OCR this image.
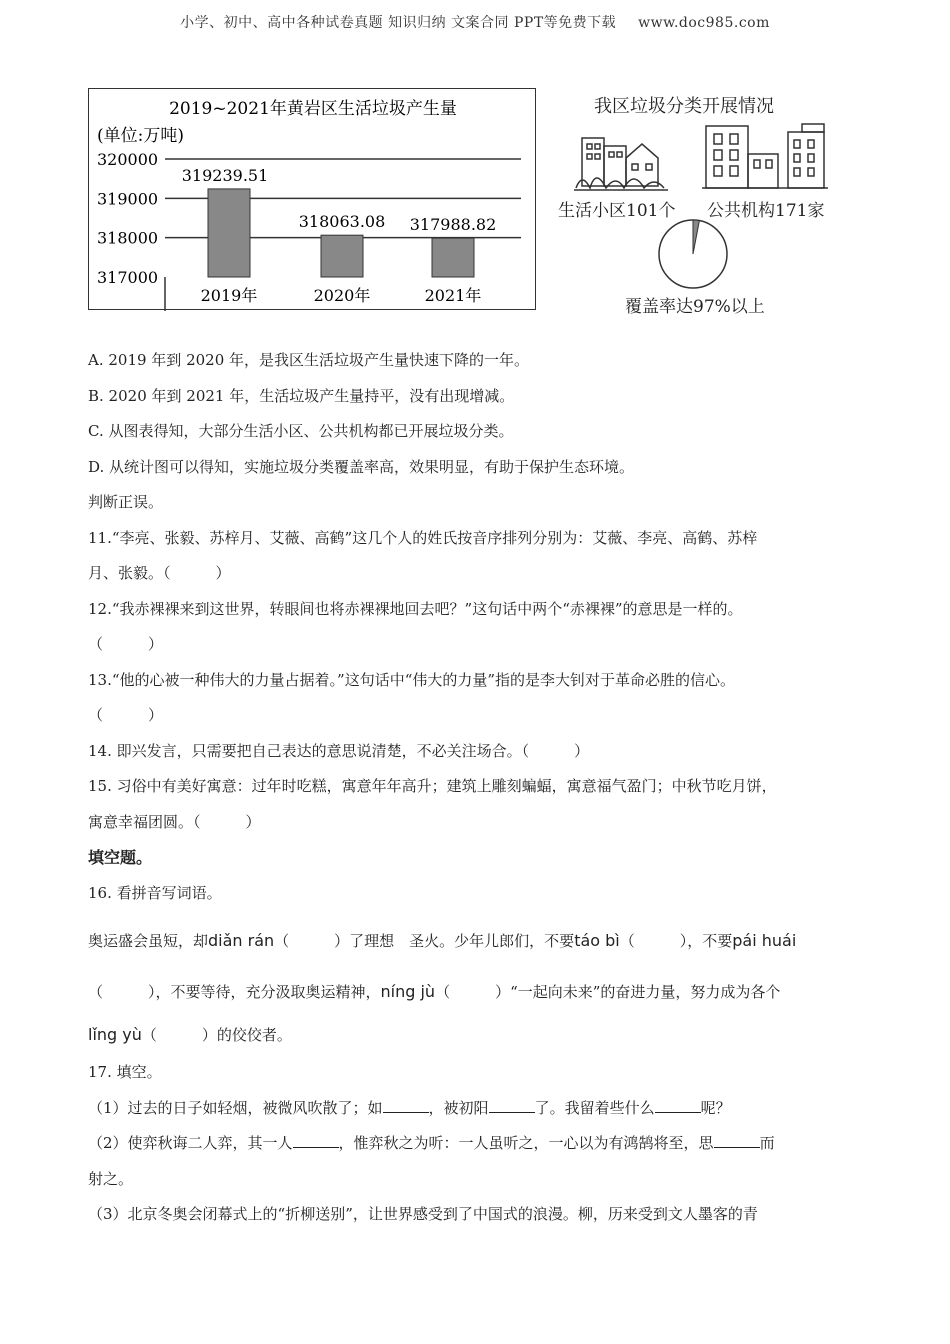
小学、初中、高中各种试卷真题 知识归纳 文案合同 PPT等免费下载 www.doc985.com
2019~2021年黄岩区生活垃圾产生量
(单位:万吨)
317000
318000
319000
320000
319239.51
2019年
318063.08
2020年
317988.82
2021年
我区垃圾分类开展情况
生活小区101个 公共机构171家
覆盖率达97%以上

A. 2019 年到 2020 年，是我区生活垃圾产生量快速下降的一年。

B. 2020 年到 2021 年，生活垃圾产生量持平，没有出现增减。

C. 从图表得知，大部分生活小区、公共机构都已开展垃圾分类。

D. 从统计图可以得知，实施垃圾分类覆盖率高，效果明显，有助于保护生态环境。

判断正误。

11.“李亮、张毅、苏梓月、艾薇、高鹤”这几个人的姓氏按音序排列分别为：艾薇、李亮、高鹤、苏梓

月、张毅。（　　　）

12.“我赤裸裸来到这世界，转眼间也将赤裸裸地回去吧？”这句话中两个“赤裸裸”的意思是一样的。

（　　　）

13.“他的心被一种伟大的力量占据着。”这句话中“伟大的力量”指的是李大钊对于革命必胜的信心。

（　　　）

14. 即兴发言，只需要把自己表达的意思说清楚，不必关注场合。（　　　）

15. 习俗中有美好寓意：过年时吃糕，寓意年年高升；建筑上雕刻蝙蝠，寓意福气盈门；中秋节吃月饼，

寓意幸福团圆。（　　　）

填空题。

16. 看拼音写词语。

奥运盛会虽短，却diǎn rán（　　　）了理想　圣火。少年儿郎们，不要táo bì（　　　），不要pái huái

（　　　），不要等待，充分汲取奥运精神，níng jù（　　　）“一起向未来”的奋进力量，努力成为各个

lǐng yù（　　　）的佼佼者。

17. 填空。

（1）过去的日子如轻烟，被微风吹散了；如	，被初阳	了。我留着些什么	呢？

（2）使弈秋诲二人弈，其一人	，惟弈秋之为听：一人虽听之，一心以为有鸿鹄将至，思	而

射之。

（3）北京冬奥会闭幕式上的“折柳送别”，让世界感受到了中国式的浪漫。柳，历来受到文人墨客的青
